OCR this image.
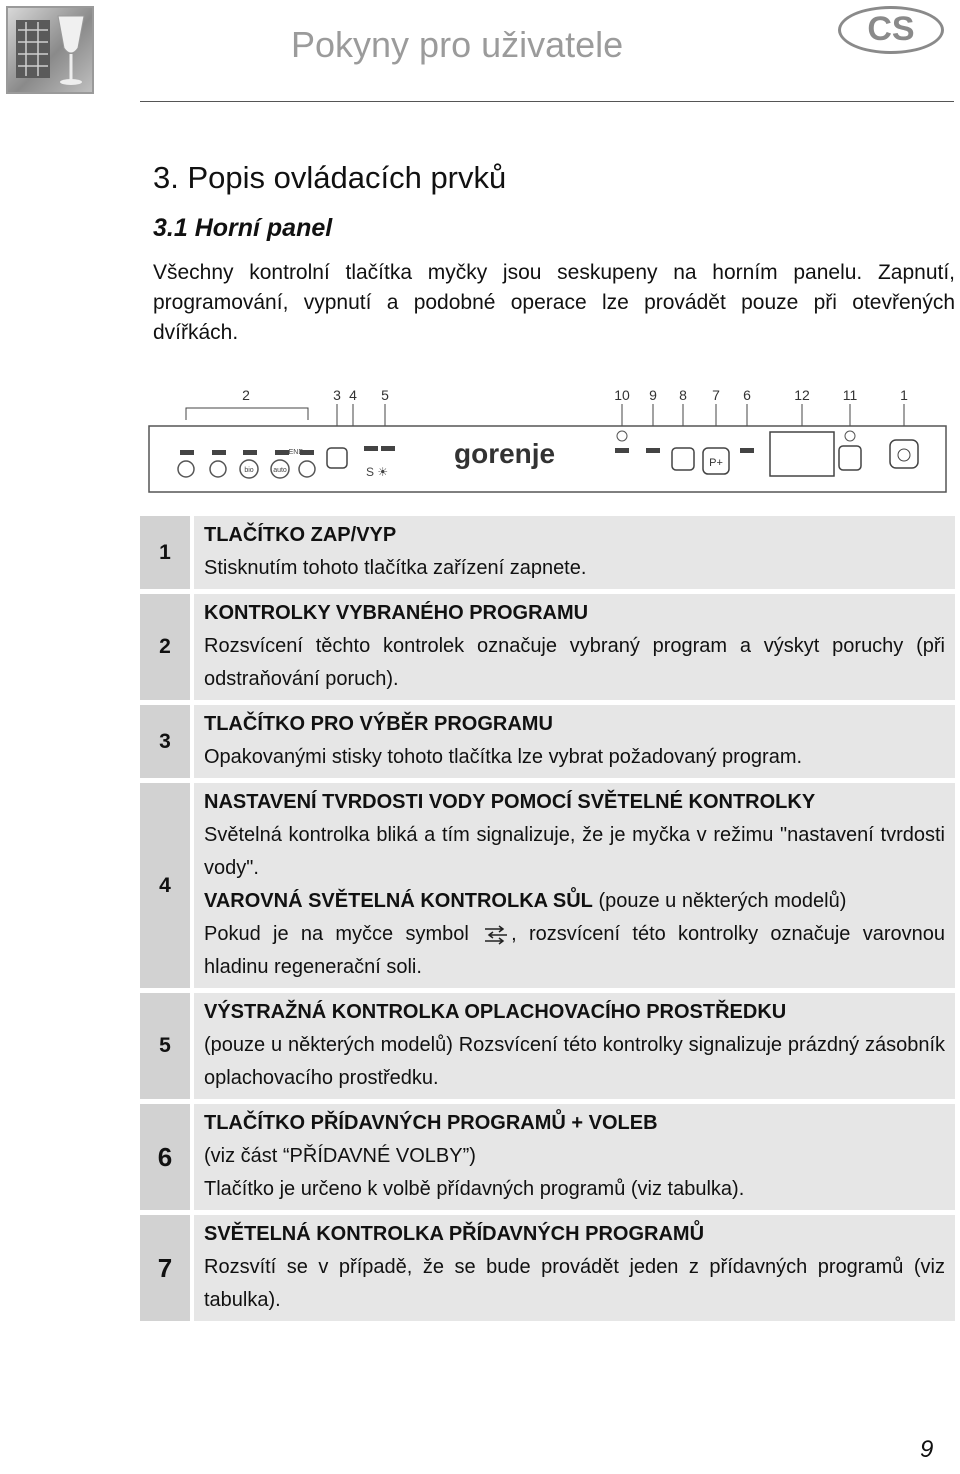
Pokyny pro uživatele	CS
3. Popis ovládacích prvků
3.1 Horní panel
Všechny kontrolní tlačítka myčky jsou seskupeny na horním panelu. Zapnutí, programování, vypnutí a podobné operace lze provádět pouze při otevřených dvířkách.
2	3 4 5	10 9 8 7 6	12 11	1
bio	auto
END
S ☀
gorenje	P+
1
TLAČÍTKO ZAP/VYP
Stisknutím tohoto tlačítka zařízení zapnete.
2
KONTROLKY VYBRANÉHO PROGRAMU
Rozsvícení těchto kontrolek označuje vybraný program a výskyt poruchy (při odstraňování poruch).
3
TLAČÍTKO PRO VÝBĚR PROGRAMU
Opakovanými stisky tohoto tlačítka lze vybrat požadovaný program.
4
NASTAVENÍ TVRDOSTI VODY POMOCÍ SVĚTELNÉ KONTROLKY
Světelná kontrolka bliká a tím signalizuje, že je myčka v režimu "nastavení tvrdosti vody".
VAROVNÁ SVĚTELNÁ KONTROLKA SŮL (pouze u některých modelů)
Pokud je na myčce symbol , rozsvícení této kontrolky označuje varovnou hladinu regenerační soli.
5
VÝSTRAŽNÁ KONTROLKA OPLACHOVACÍHO PROSTŘEDKU
(pouze u některých modelů) Rozsvícení této kontrolky signalizuje prázdný zásobník oplachovacího prostředku.
6
TLAČÍTKO PŘÍDAVNÝCH PROGRAMŮ + VOLEB
(viz část “PŘÍDAVNÉ VOLBY”)
Tlačítko je určeno k volbě přídavných programů (viz tabulka).
7
SVĚTELNÁ KONTROLKA PŘÍDAVNÝCH PROGRAMŮ
Rozsvítí se v případě, že se bude provádět jeden z přídavných programů (viz tabulka).
9
